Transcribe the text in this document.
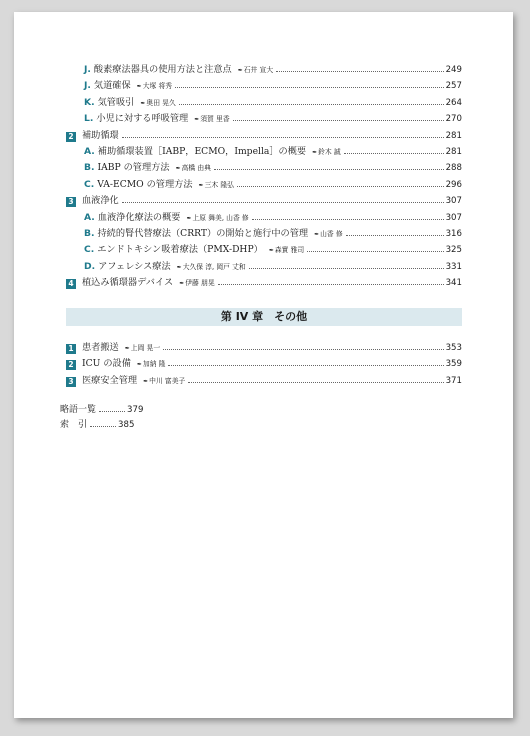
J. 酸素療法器具の使用方法と注意点 ✒石井 宣大	249
J. 気道確保 ✒大塚 将秀	257
K. 気管吸引 ✒奥田 晃久	264
L. 小児に対する呼吸管理 ✒須賀 里香	270
2 補助循環	281
A. 補助循環装置［IABP，ECMO，Impella］の概要 ✒鈴木 誠	281
B. IABP の管理方法 ✒高橋 由典	288
C. VA-ECMO の管理方法 ✒三木 隆弘	296
3 血液浄化	307
A. 血液浄化療法の概要 ✒上原 舞美, 山香 修	307
B. 持続的腎代替療法（CRRT）の開始と施行中の管理 ✒山香 修	316
C. エンドトキシン吸着療法（PMX-DHP） ✒森實 雅司	325
D. アフェレシス療法 ✒大久保 淳, 岡戸 丈和	331
4 植込み循環器デバイス ✒伊藤 朋晃	341
第 IV 章　その他
1 患者搬送 ✒上岡 晃一	353
2 ICU の設備 ✒加納 隆	359
3 医療安全管理 ✒中川 富美子	371
略語一覧	379
索　引	385
